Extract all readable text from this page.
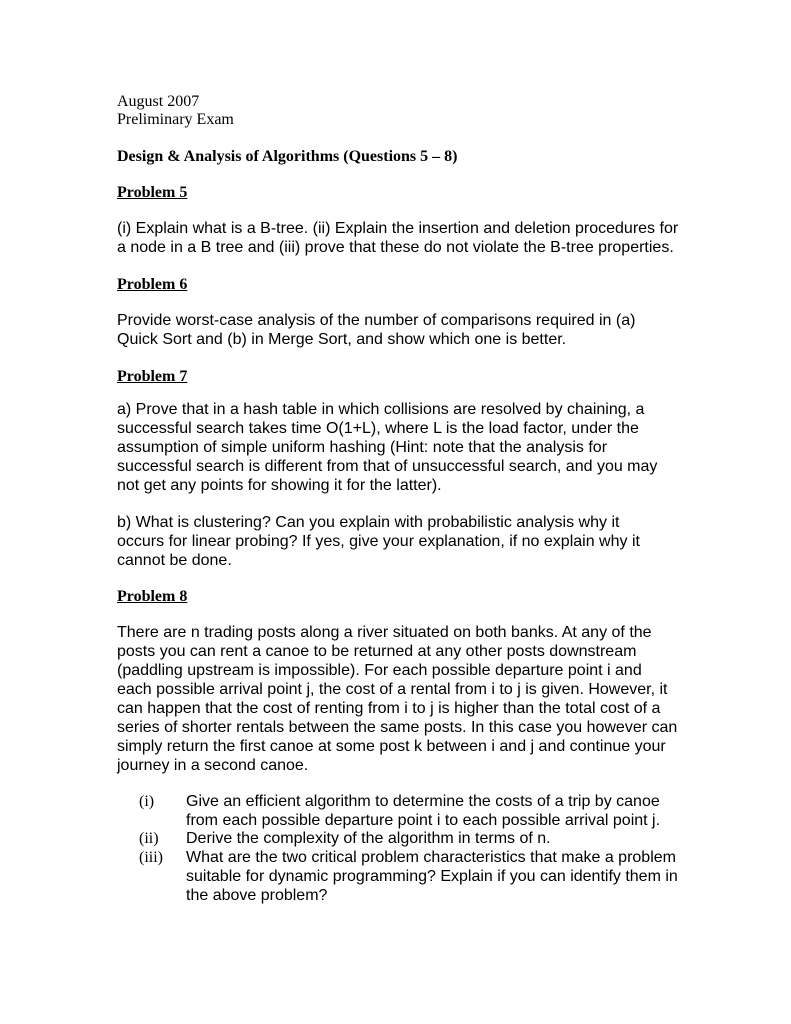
August 2007
Preliminary Exam
Design & Analysis of Algorithms (Questions 5 – 8)
Problem 5
(i) Explain what is a B-tree. (ii) Explain the insertion and deletion procedures for a node in a B tree and (iii) prove that these do not violate the B-tree properties.
Problem 6
Provide worst-case analysis of the number of comparisons required in (a) Quick Sort and (b) in Merge Sort, and show which one is better.
Problem 7
a) Prove that in a hash table in which collisions are resolved by chaining, a successful search takes time O(1+L), where L is the load factor, under the assumption of simple uniform hashing (Hint: note that the analysis for successful search is different from that of unsuccessful search, and you may not get any points for showing it for the latter).
b) What is clustering? Can you explain with probabilistic analysis why it occurs for linear probing? If yes, give your explanation, if no explain why it cannot be done.
Problem 8
There are n trading posts along a river situated on both banks. At any of the posts you can rent a canoe to be returned at any other posts downstream (paddling upstream is impossible). For each possible departure point i and each possible arrival point j, the cost of a rental from i to j is given. However, it can happen that the cost of renting from i to j is higher than the total cost of a series of shorter rentals between the same posts. In this case you however can simply return the first canoe at some post k between i and j and continue your journey in a second canoe.
(i) Give an efficient algorithm to determine the costs of a trip by canoe from each possible departure point i to each possible arrival point j.
(ii) Derive the complexity of the algorithm in terms of n.
(iii) What are the two critical problem characteristics that make a problem suitable for dynamic programming? Explain if you can identify them in the above problem?
